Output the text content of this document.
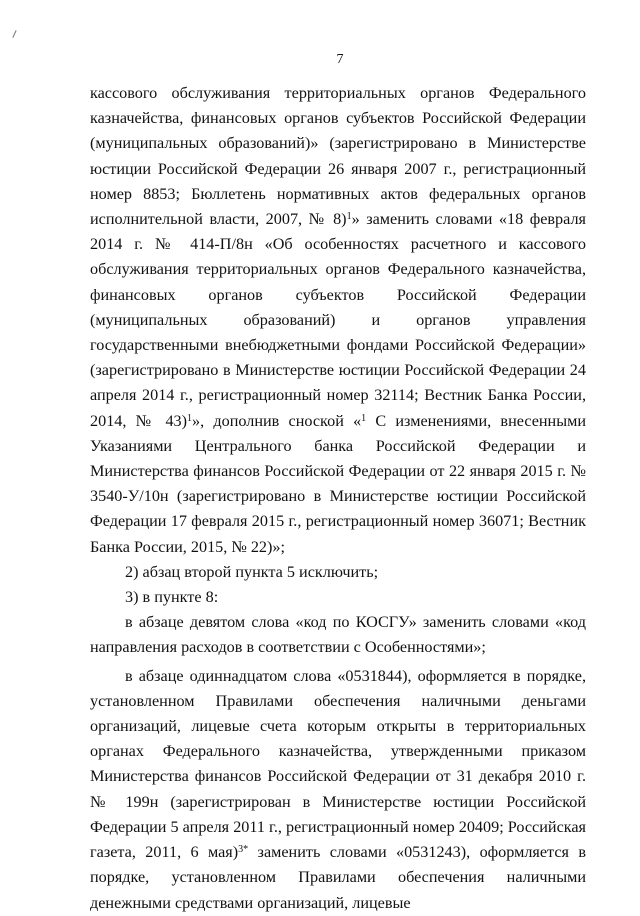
7

кассового обслуживания территориальных органов Федерального казначейства, финансовых органов субъектов Российской Федерации (муниципальных образований)» (зарегистрировано в Министерстве юстиции Российской Федерации 26 января 2007 г., регистрационный номер 8853; Бюллетень нормативных актов федеральных органов исполнительной власти, 2007, № 8)$^1$» заменить словами «18 февраля 2014 г. № 414-П/8н «Об особенностях расчетного и кассового обслуживания территориальных органов Федерального казначейства, финансовых органов субъектов Российской Федерации (муниципальных образований) и органов управления государственными внебюджетными фондами Российской Федерации» (зарегистрировано в Министерстве юстиции Российской Федерации 24 апреля 2014 г., регистрационный номер 32114; Вестник Банка России, 2014, № 43)$^1$», дополнив сноской «$^1$ С изменениями, внесенными Указаниями Центрального банка Российской Федерации и Министерства финансов Российской Федерации от 22 января 2015 г. № 3540-У/10н (зарегистрировано в Министерстве юстиции Российской Федерации 17 февраля 2015 г., регистрационный номер 36071; Вестник Банка России, 2015, № 22)»;

2) абзац второй пункта 5 исключить;

3) в пункте 8:

в абзаце девятом слова «код по КОСГУ» заменить словами «код направления расходов в соответствии с Особенностями»;

в абзаце одиннадцатом слова «0531844), оформляется в порядке, установленном Правилами обеспечения наличными деньгами организаций, лицевые счета которым открыты в территориальных органах Федерального казначейства, утвержденными приказом Министерства финансов Российской Федерации от 31 декабря 2010 г. № 199н (зарегистрирован в Министерстве юстиции Российской Федерации 5 апреля 2011 г., регистрационный номер 20409; Российская газета, 2011, 6 мая)$^{3*}$ заменить словами «0531243), оформляется в порядке, установленном Правилами обеспечения наличными денежными средствами организаций, лицевые
